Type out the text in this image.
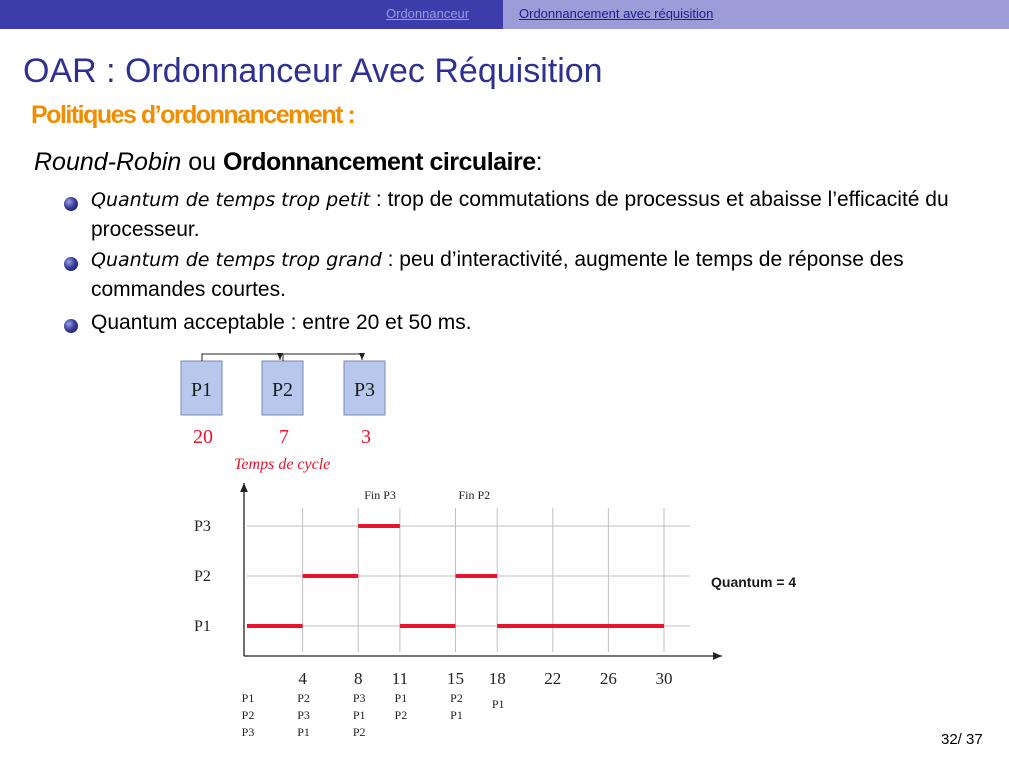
Ordonnanceur	Ordonnancement avec réquisition
OAR : Ordonnanceur Avec Réquisition
Politiques d’ordonnancement :
Round-Robin ou Ordonnancement circulaire:
Quantum de temps trop petit : trop de commutations de processus et abaisse l’efficacité du processeur.
Quantum de temps trop grand : peu d’interactivité, augmente le temps de réponse des commandes courtes.
Quantum acceptable : entre 20 et 50 ms.
P1
20
P2
7
P3
3
Temps de cycle
P3
P2
P1
Fin P3	Fin P2
4	8 11 15 18 22 26 30
P1
P2
P3
P2
P3
P1
P3
P1
P2
P1
P2
P2
P1
P1
Quantum = 4
32/ 37
